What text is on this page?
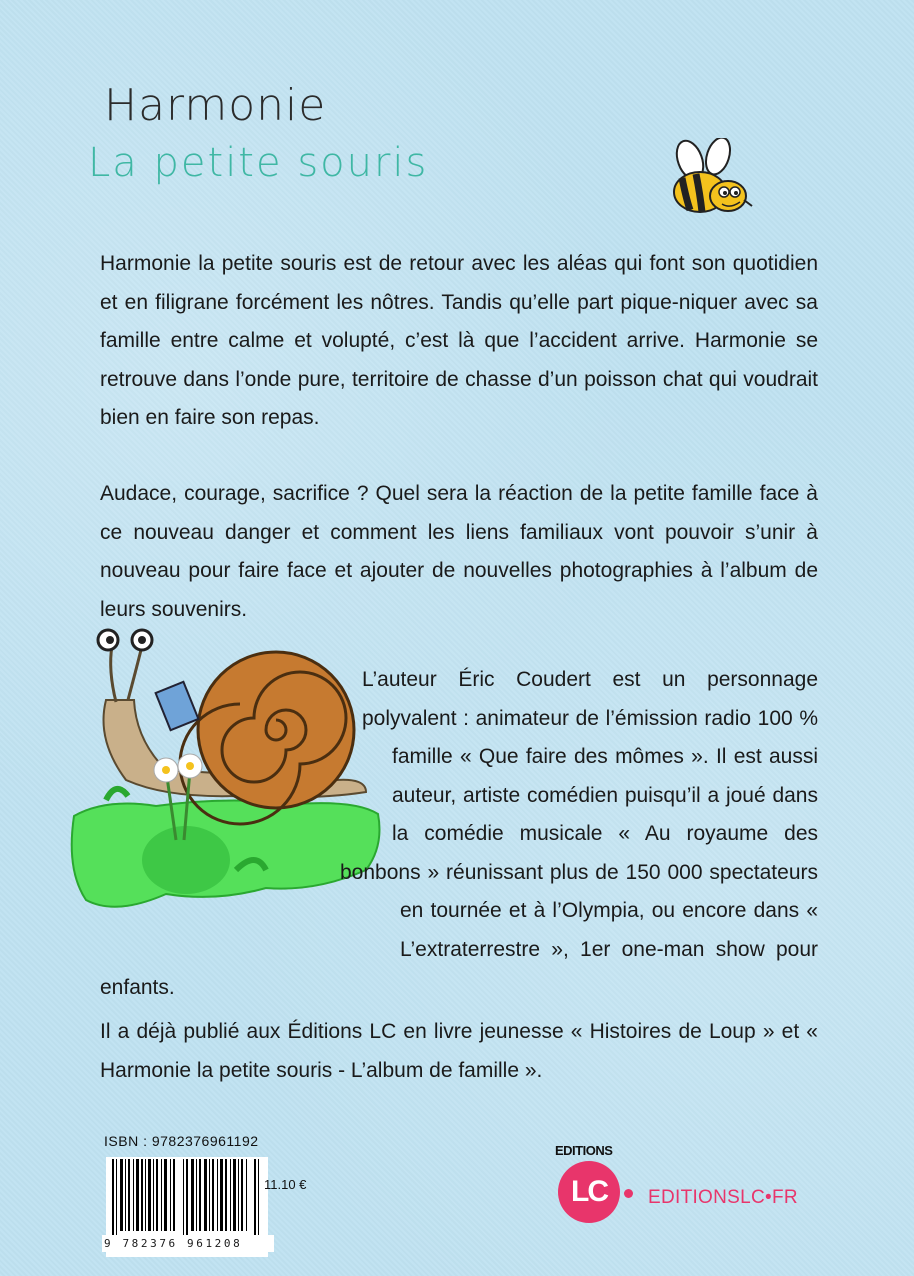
Harmonie
La petite souris

Harmonie la petite souris est de retour avec les aléas qui font son quotidien et en filigrane forcément les nôtres. Tandis qu’elle part pique-niquer avec sa famille entre calme et volupté, c’est là que l’accident arrive. Harmonie se retrouve dans l’onde pure, territoire de chasse d’un poisson chat qui voudrait bien en faire son repas.

Audace, courage, sacrifice ? Quel sera la réaction de la petite famille face à ce nouveau danger et comment les liens familiaux vont pouvoir s’unir à nouveau pour faire face et ajouter de nouvelles photographies à l’album de leurs souvenirs.

L’auteur Éric Coudert est un personnage polyvalent : animateur de l’émission radio 100 % famille « Que faire des mômes ». Il est aussi auteur, artiste comédien puisqu’il a joué dans la comédie musicale « Au royaume des bonbons » réunissant plus de 150 000 spectateurs en tournée et à l’Olympia, ou encore dans « L’extraterrestre », 1er one-man show pour enfants.

Il a déjà publié aux Éditions LC en livre jeunesse « Histoires de Loup » et « Harmonie la petite souris - L’album de famille ».

ISBN : 9782376961192

9 782376 961208
11.10 €
EDITIONS
LC	EDITIONSLC•FR
